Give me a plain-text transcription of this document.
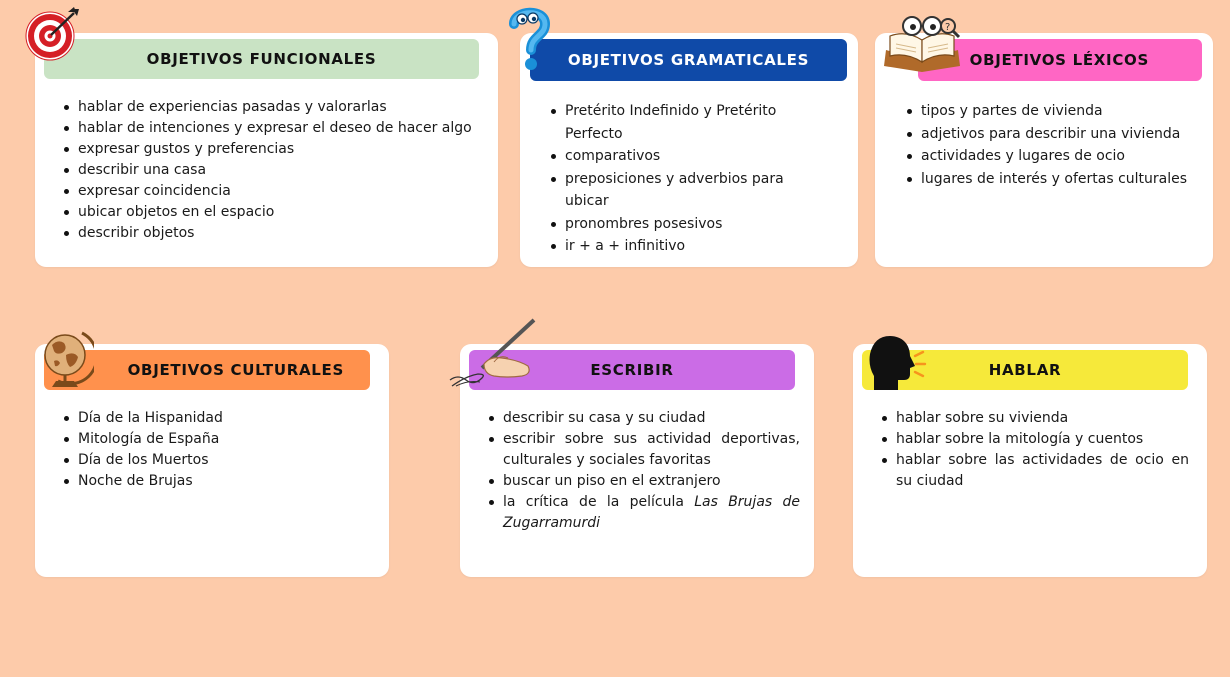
OBJETIVOS FUNCIONALES
hablar de experiencias pasadas y valorarlas
hablar de intenciones y expresar el deseo de hacer algo
expresar gustos y preferencias
describir una casa
expresar coincidencia
ubicar objetos en el espacio
describir objetos
OBJETIVOS GRAMATICALES
Pretérito Indefinido y Pretérito Perfecto
comparativos
preposiciones y adverbios para ubicar
pronombres posesivos
ir + a + infinitivo
OBJETIVOS LÉXICOS
tipos y partes de vivienda
adjetivos para describir una vivienda
actividades y lugares de ocio
lugares de interés y ofertas culturales
?
OBJETIVOS CULTURALES
Día de la Hispanidad
Mitología de España
Día de los Muertos
Noche de Brujas
ESCRIBIR
describir su casa y su ciudad
escribir sobre sus actividad deportivas, culturales y sociales favoritas
buscar un piso en el extranjero
la crítica de la película Las Brujas de Zugarramurdi
HABLAR
hablar sobre su vivienda
hablar sobre la mitología y cuentos
hablar sobre las actividades de ocio en su ciudad
